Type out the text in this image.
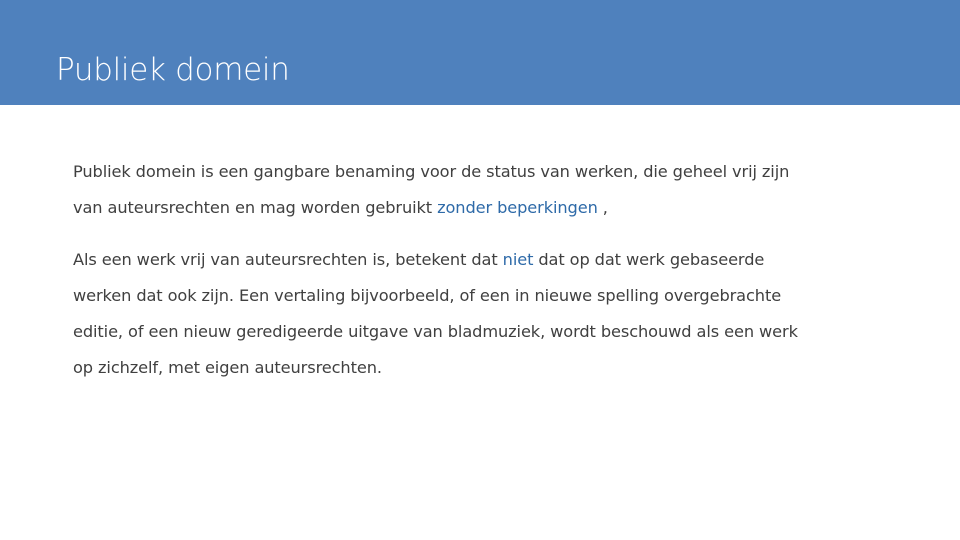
Publiek domein

Publiek domein is een gangbare benaming voor de status van werken, die geheel vrij zijn
van auteursrechten en mag worden gebruikt zonder beperkingen ,

Als een werk vrij van auteursrechten is, betekent dat niet dat op dat werk gebaseerde
werken dat ook zijn. Een vertaling bijvoorbeeld, of een in nieuwe spelling overgebrachte
editie, of een nieuw geredigeerde uitgave van bladmuziek, wordt beschouwd als een werk
op zichzelf, met eigen auteursrechten.
